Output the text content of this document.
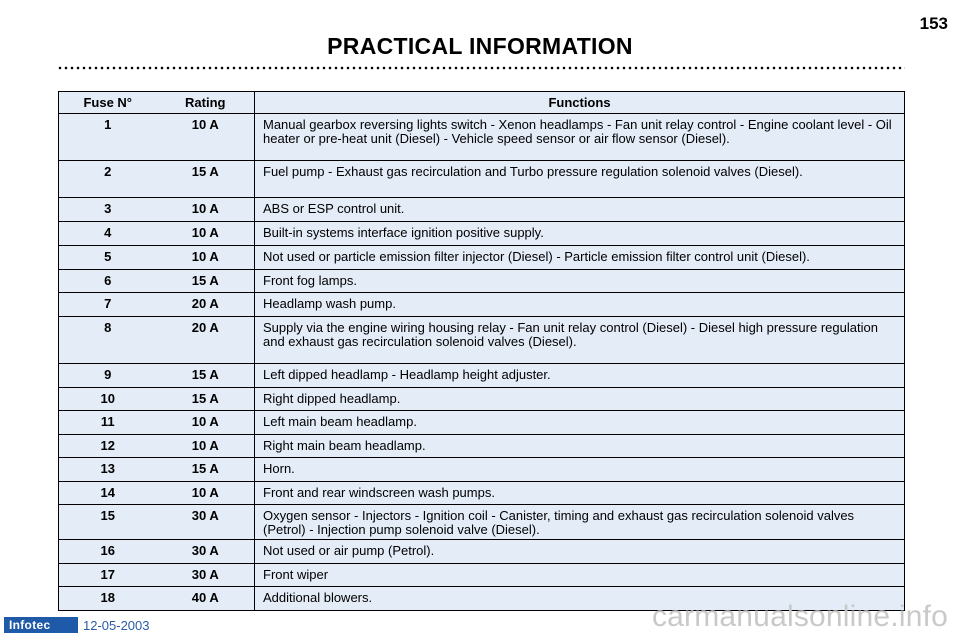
153
PRACTICAL INFORMATION
Fuse N°	Rating	Functions
1	10 A	Manual gearbox reversing lights switch - Xenon headlamps - Fan unit relay control - Engine coolant level - Oil heater or pre-heat unit (Diesel) - Vehicle speed sensor or air flow sensor (Diesel).
2	15 A	Fuel pump - Exhaust gas recirculation and Turbo pressure regulation solenoid valves (Diesel).
3	10 A	ABS or ESP control unit.
4	10 A	Built-in systems interface ignition positive supply.
5	10 A	Not used or particle emission filter injector (Diesel) - Particle emission filter control unit (Diesel).
6	15 A	Front fog lamps.
7	20 A	Headlamp wash pump.
8	20 A	Supply via the engine wiring housing relay - Fan unit relay control (Diesel) - Diesel high pressure regulation and exhaust gas recirculation solenoid valves (Diesel).
9	15 A	Left dipped headlamp - Headlamp height adjuster.
10	15 A	Right dipped headlamp.
11	10 A	Left main beam headlamp.
12	10 A	Right main beam headlamp.
13	15 A	Horn.
14	10 A	Front and rear windscreen wash pumps.
15	30 A	Oxygen sensor - Injectors - Ignition coil - Canister, timing and exhaust gas recirculation solenoid valves (Petrol) - Injection pump solenoid valve (Diesel).
16	30 A	Not used or air pump (Petrol).
17	30 A	Front wiper
18	40 A	Additional blowers.
Infotec	12-05-2003	carmanualsonline.info
